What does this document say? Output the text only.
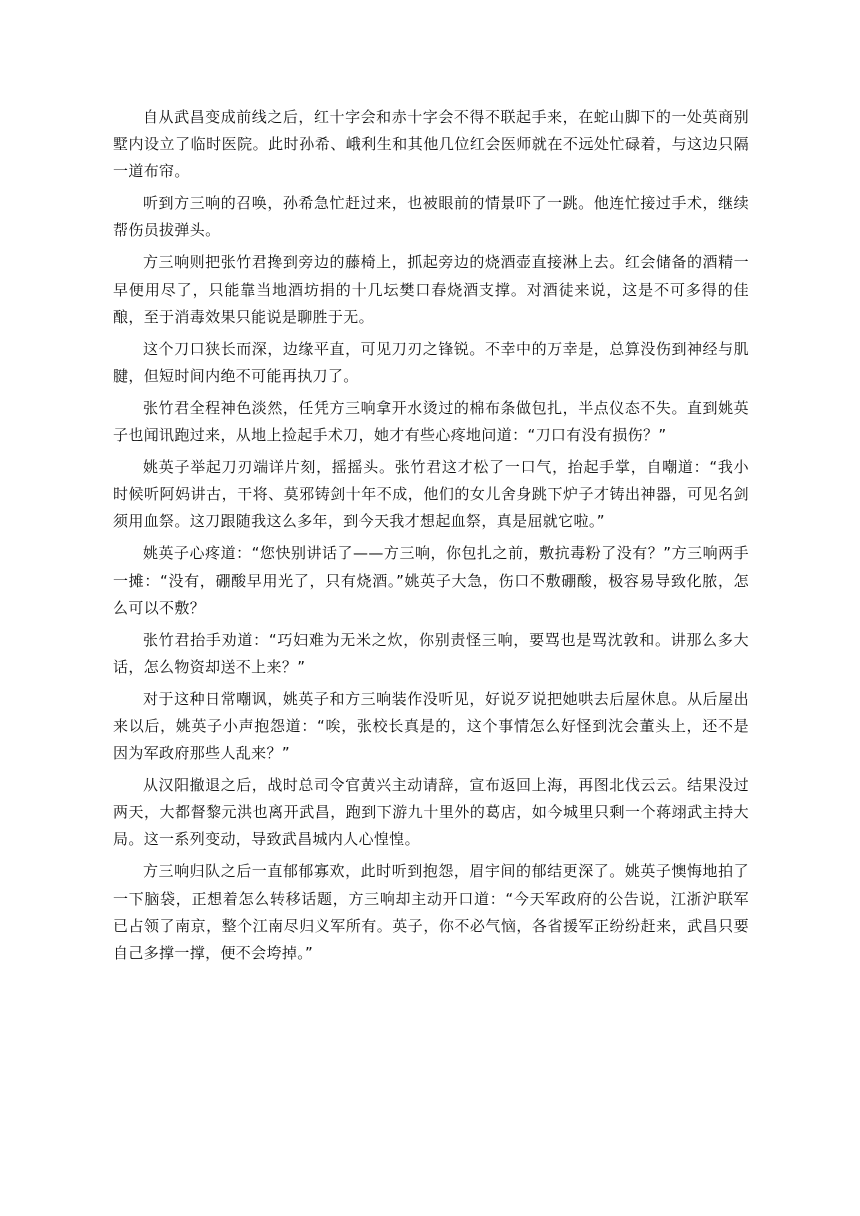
自从武昌变成前线之后，红十字会和赤十字会不得不联起手来，在蛇山脚下的一处英商别墅内设立了临时医院。此时孙希、峨利生和其他几位红会医师就在不远处忙碌着，与这边只隔一道布帘。

听到方三响的召唤，孙希急忙赶过来，也被眼前的情景吓了一跳。他连忙接过手术，继续帮伤员拔弹头。

方三响则把张竹君搀到旁边的藤椅上，抓起旁边的烧酒壶直接淋上去。红会储备的酒精一早便用尽了，只能靠当地酒坊捐的十几坛樊口春烧酒支撑。对酒徒来说，这是不可多得的佳酿，至于消毒效果只能说是聊胜于无。

这个刀口狭长而深，边缘平直，可见刀刃之锋锐。不幸中的万幸是，总算没伤到神经与肌腱，但短时间内绝不可能再执刀了。

张竹君全程神色淡然，任凭方三响拿开水烫过的棉布条做包扎，半点仪态不失。直到姚英子也闻讯跑过来，从地上捡起手术刀，她才有些心疼地问道：“刀口有没有损伤？”

姚英子举起刀刃端详片刻，摇摇头。张竹君这才松了一口气，抬起手掌，自嘲道：“我小时候听阿妈讲古，干将、莫邪铸剑十年不成，他们的女儿舍身跳下炉子才铸出神器，可见名剑须用血祭。这刀跟随我这么多年，到今天我才想起血祭，真是屈就它啦。”

姚英子心疼道：“您快别讲话了——方三响，你包扎之前，敷抗毒粉了没有？”方三响两手一摊：“没有，硼酸早用光了，只有烧酒。”姚英子大急，伤口不敷硼酸，极容易导致化脓，怎么可以不敷？

张竹君抬手劝道：“巧妇难为无米之炊，你别责怪三响，要骂也是骂沈敦和。讲那么多大话，怎么物资却送不上来？”

对于这种日常嘲讽，姚英子和方三响装作没听见，好说歹说把她哄去后屋休息。从后屋出来以后，姚英子小声抱怨道：“唉，张校长真是的，这个事情怎么好怪到沈会董头上，还不是因为军政府那些人乱来？”

从汉阳撤退之后，战时总司令官黄兴主动请辞，宣布返回上海，再图北伐云云。结果没过两天，大都督黎元洪也离开武昌，跑到下游九十里外的葛店，如今城里只剩一个蒋翊武主持大局。这一系列变动，导致武昌城内人心惶惶。

方三响归队之后一直郁郁寡欢，此时听到抱怨，眉宇间的郁结更深了。姚英子懊悔地拍了一下脑袋，正想着怎么转移话题，方三响却主动开口道：“今天军政府的公告说，江浙沪联军已占领了南京，整个江南尽归义军所有。英子，你不必气恼，各省援军正纷纷赶来，武昌只要自己多撑一撑，便不会垮掉。”
